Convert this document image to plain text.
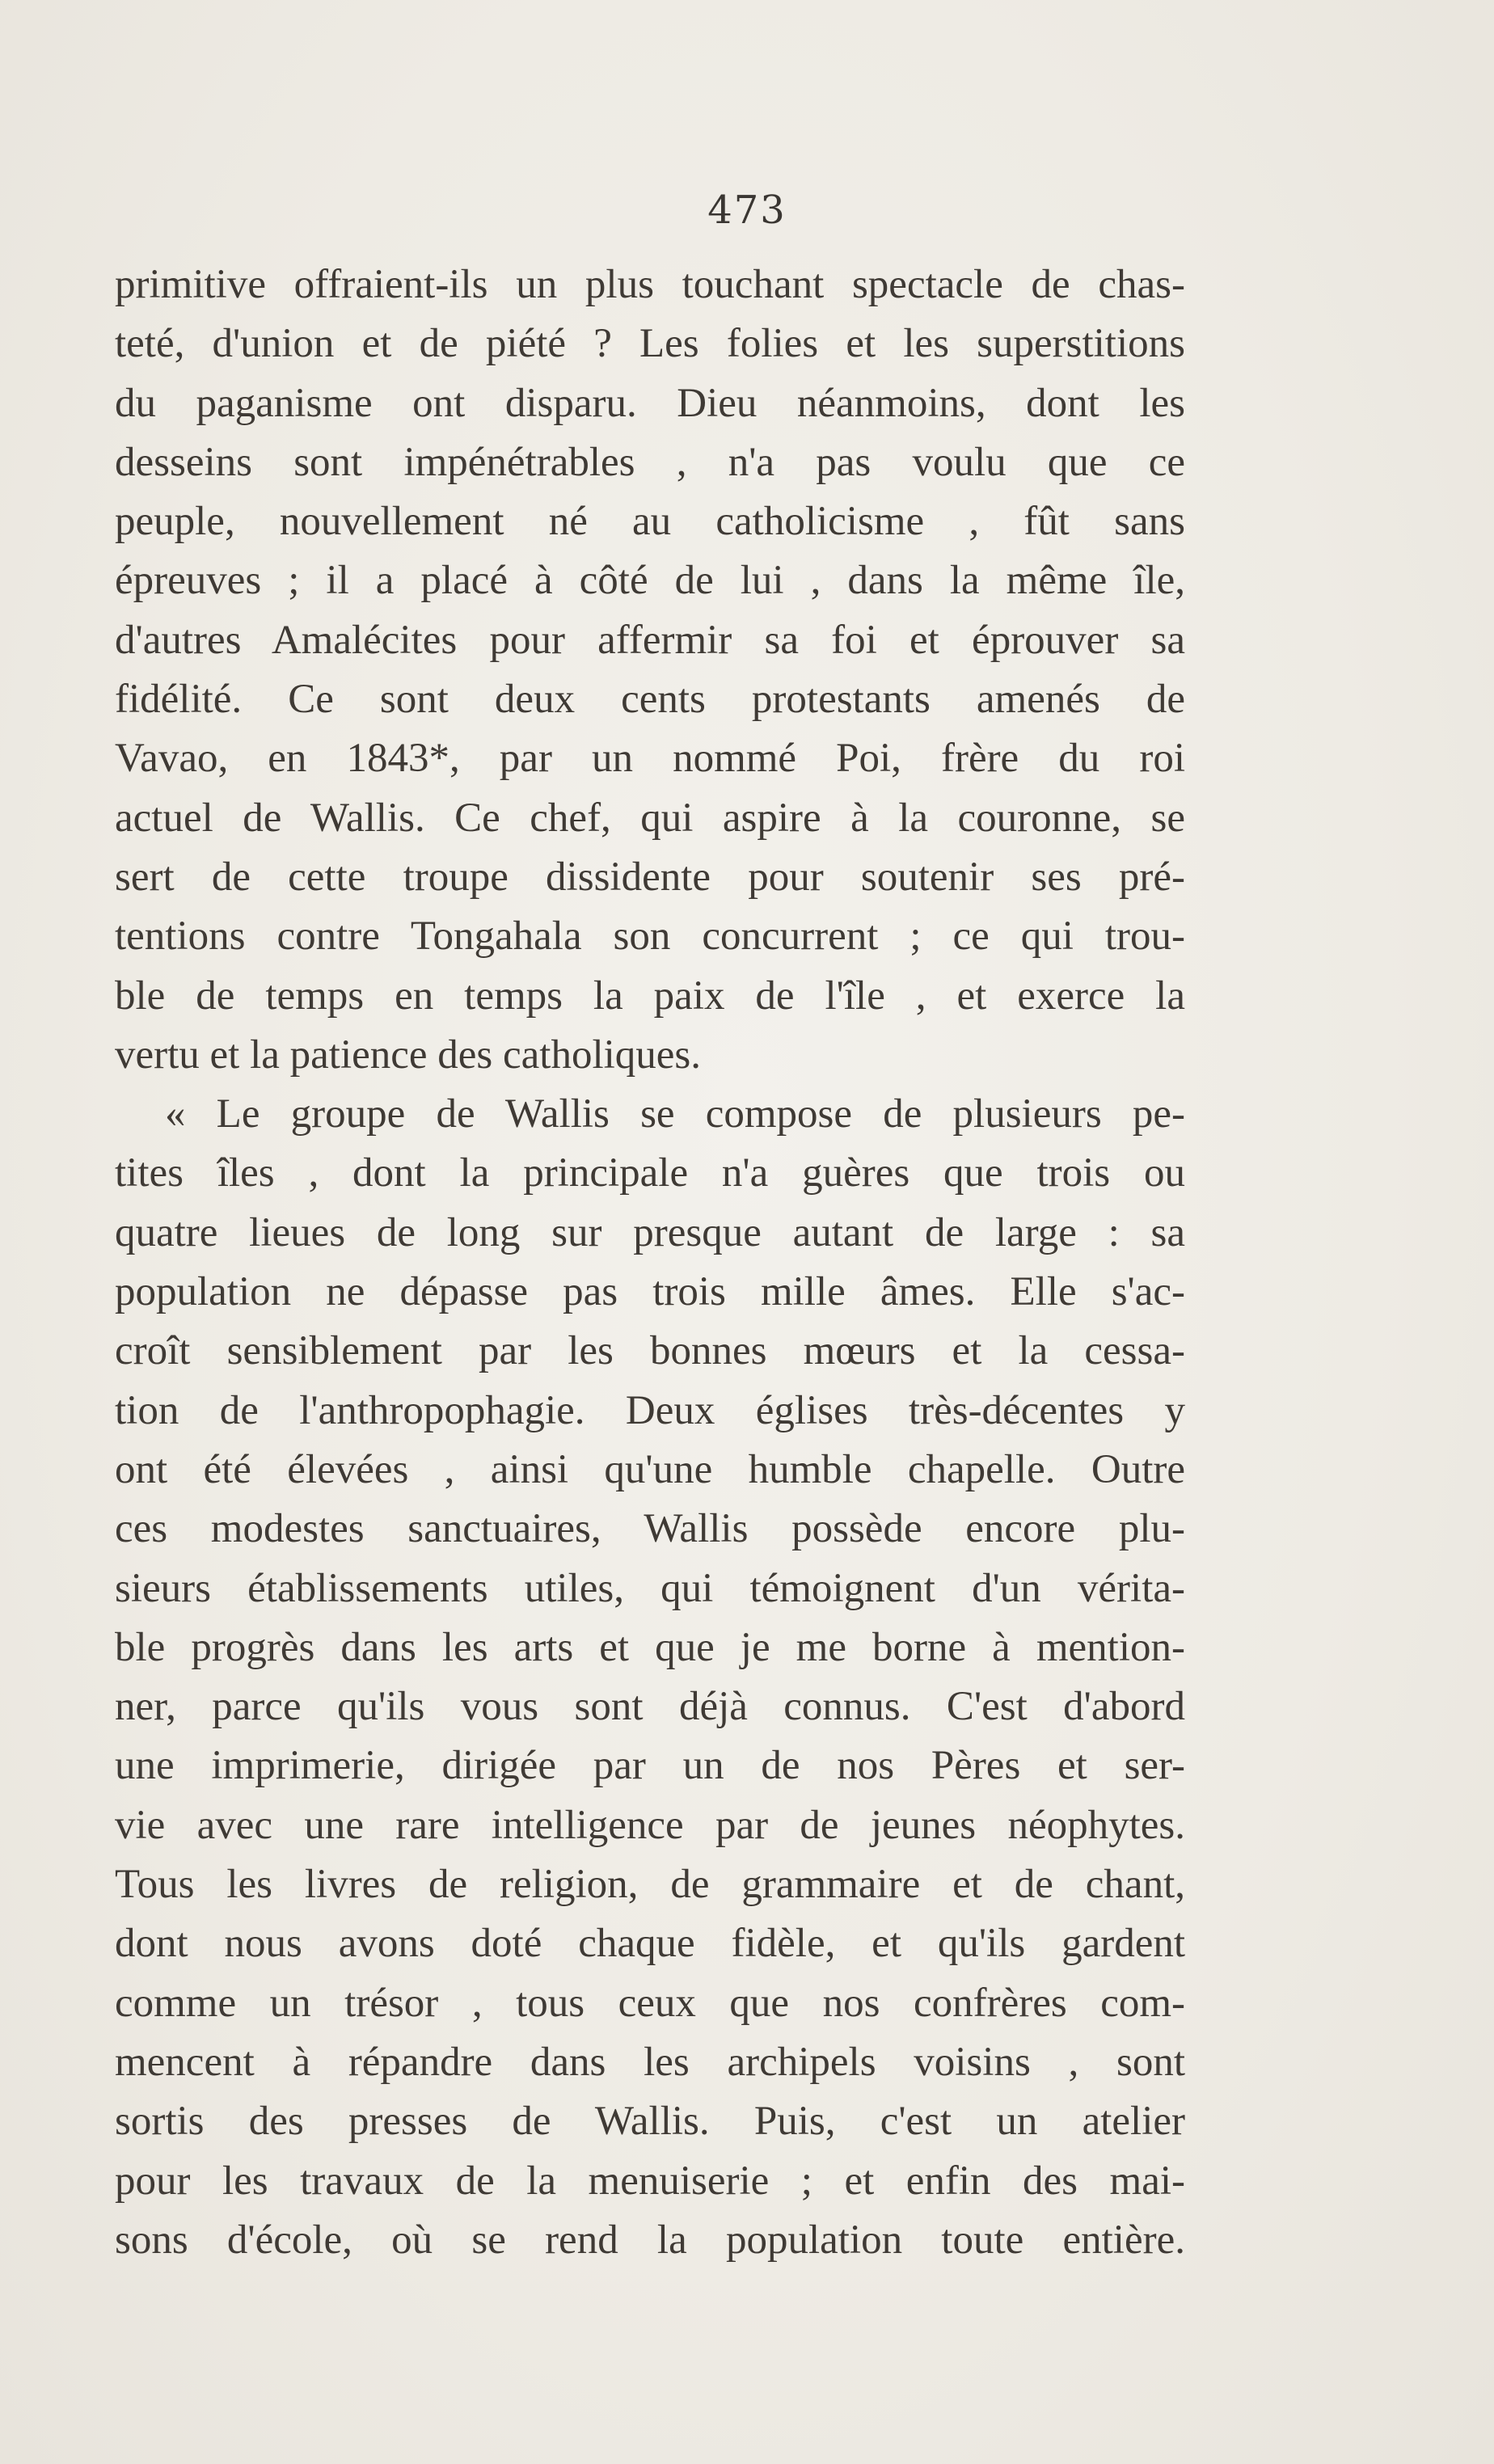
473
primitive offraient-ils un plus touchant spectacle de chas-
teté, d'union et de piété ? Les folies et les superstitions
du paganisme ont disparu. Dieu néanmoins, dont les
desseins sont impénétrables , n'a pas voulu que ce
peuple, nouvellement né au catholicisme , fût sans
épreuves ; il a placé à côté de lui , dans la même île,
d'autres Amalécites pour affermir sa foi et éprouver sa
fidélité. Ce sont deux cents protestants amenés de
Vavao, en 1843*, par un nommé Poi, frère du roi
actuel de Wallis. Ce chef, qui aspire à la couronne, se
sert de cette troupe dissidente pour soutenir ses pré-
tentions contre Tongahala son concurrent ; ce qui trou-
ble de temps en temps la paix de l'île , et exerce la
vertu et la patience des catholiques.
« Le groupe de Wallis se compose de plusieurs pe-
tites îles , dont la principale n'a guères que trois ou
quatre lieues de long sur presque autant de large : sa
population ne dépasse pas trois mille âmes. Elle s'ac-
croît sensiblement par les bonnes mœurs et la cessa-
tion de l'anthropophagie. Deux églises très-décentes y
ont été élevées , ainsi qu'une humble chapelle. Outre
ces modestes sanctuaires, Wallis possède encore plu-
sieurs établissements utiles, qui témoignent d'un vérita-
ble progrès dans les arts et que je me borne à mention-
ner, parce qu'ils vous sont déjà connus. C'est d'abord
une imprimerie, dirigée par un de nos Pères et ser-
vie avec une rare intelligence par de jeunes néophytes.
Tous les livres de religion, de grammaire et de chant,
dont nous avons doté chaque fidèle, et qu'ils gardent
comme un trésor , tous ceux que nos confrères com-
mencent à répandre dans les archipels voisins , sont
sortis des presses de Wallis. Puis, c'est un atelier
pour les travaux de la menuiserie ; et enfin des mai-
sons d'école, où se rend la population toute entière.
